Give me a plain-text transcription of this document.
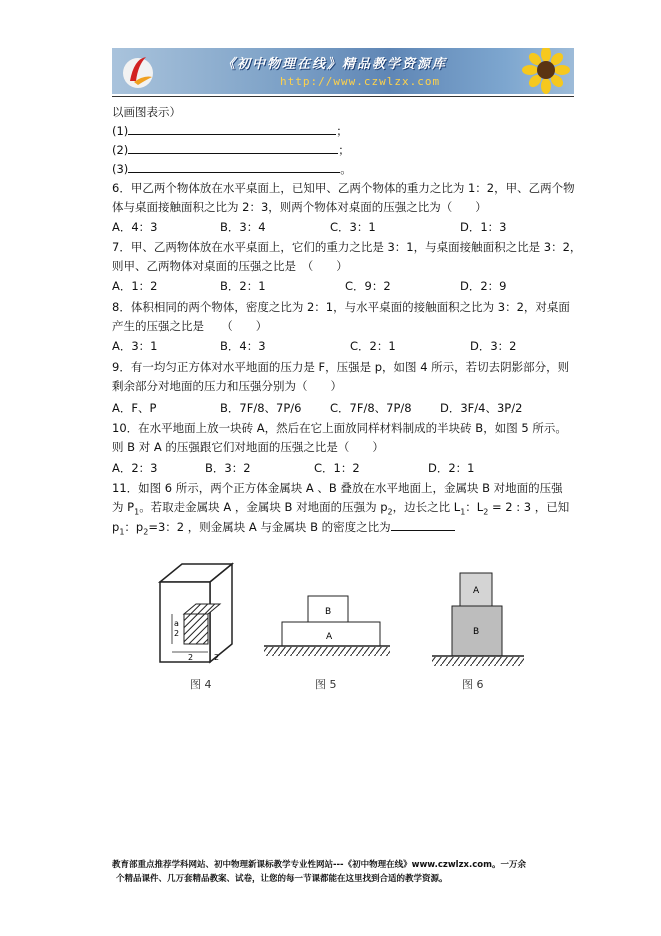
《初中物理在线》精品教学资源库
http://www.czwlzx.com
以画图表示）
(1)	；
(2)	；
(3)	。
6．甲乙两个物体放在水平桌面上，已知甲、乙两个物体的重力之比为 1：2，甲、乙两个物
体与桌面接触面积之比为 2：3，则两个物体对桌面的压强之比为（　　）
A．4：3	B．3：4	C．3：1	D．1：3
7．甲、乙两物体放在水平桌面上，它们的重力之比是 3：1，与桌面接触面积之比是 3：2，
则甲、乙两物体对桌面的压强之比是　（　　）
A．1：2	B．2：1	C．9：2	D．2：9
8．体积相同的两个物体，密度之比为 2：1，与水平桌面的接触面积之比为 3：2，对桌面
产生的压强之比是　　（　　）
A．3：1	B．4：3	C．2：1	D．3：2
9．有一均匀正方体对水平地面的压力是 F，压强是 p，如图 4 所示，若切去阴影部分，则
剩余部分对地面的压力和压强分别为（　　）
A．F、P	B．7F/8、7P/6 C．7F/8、7P/8 D．3F/4、3P/2
10．在水平地面上放一块砖 A，然后在它上面放同样材料制成的半块砖 B，如图 5 所示。
则 B 对 A 的压强跟它们对地面的压强之比是（　　）
A．2：3	B．3：2	C．1：2	D．2：1
11．如图 6 所示，两个正方体金属块 A 、B 叠放在水平地面上，金属块 B 对地面的压强
为 $P_1$。若取走金属块 A ，金属块 B 对地面的压强为 $p_2$，边长之比 $L_1$：$L_2 = 2$ : 3 ，已知
$p_1$：$p_2=3$：2 ，则金属块 A 与金属块 B 的密度之比为
a
2
2	2
图 4
B
A
图 5
A
B
图 6
教育部重点推荐学科网站、初中物理新课标教学专业性网站---《初中物理在线》www.czwlzx.com。一万余
个精品课件、几万套精品教案、试卷，让您的每一节课都能在这里找到合适的教学资源。
